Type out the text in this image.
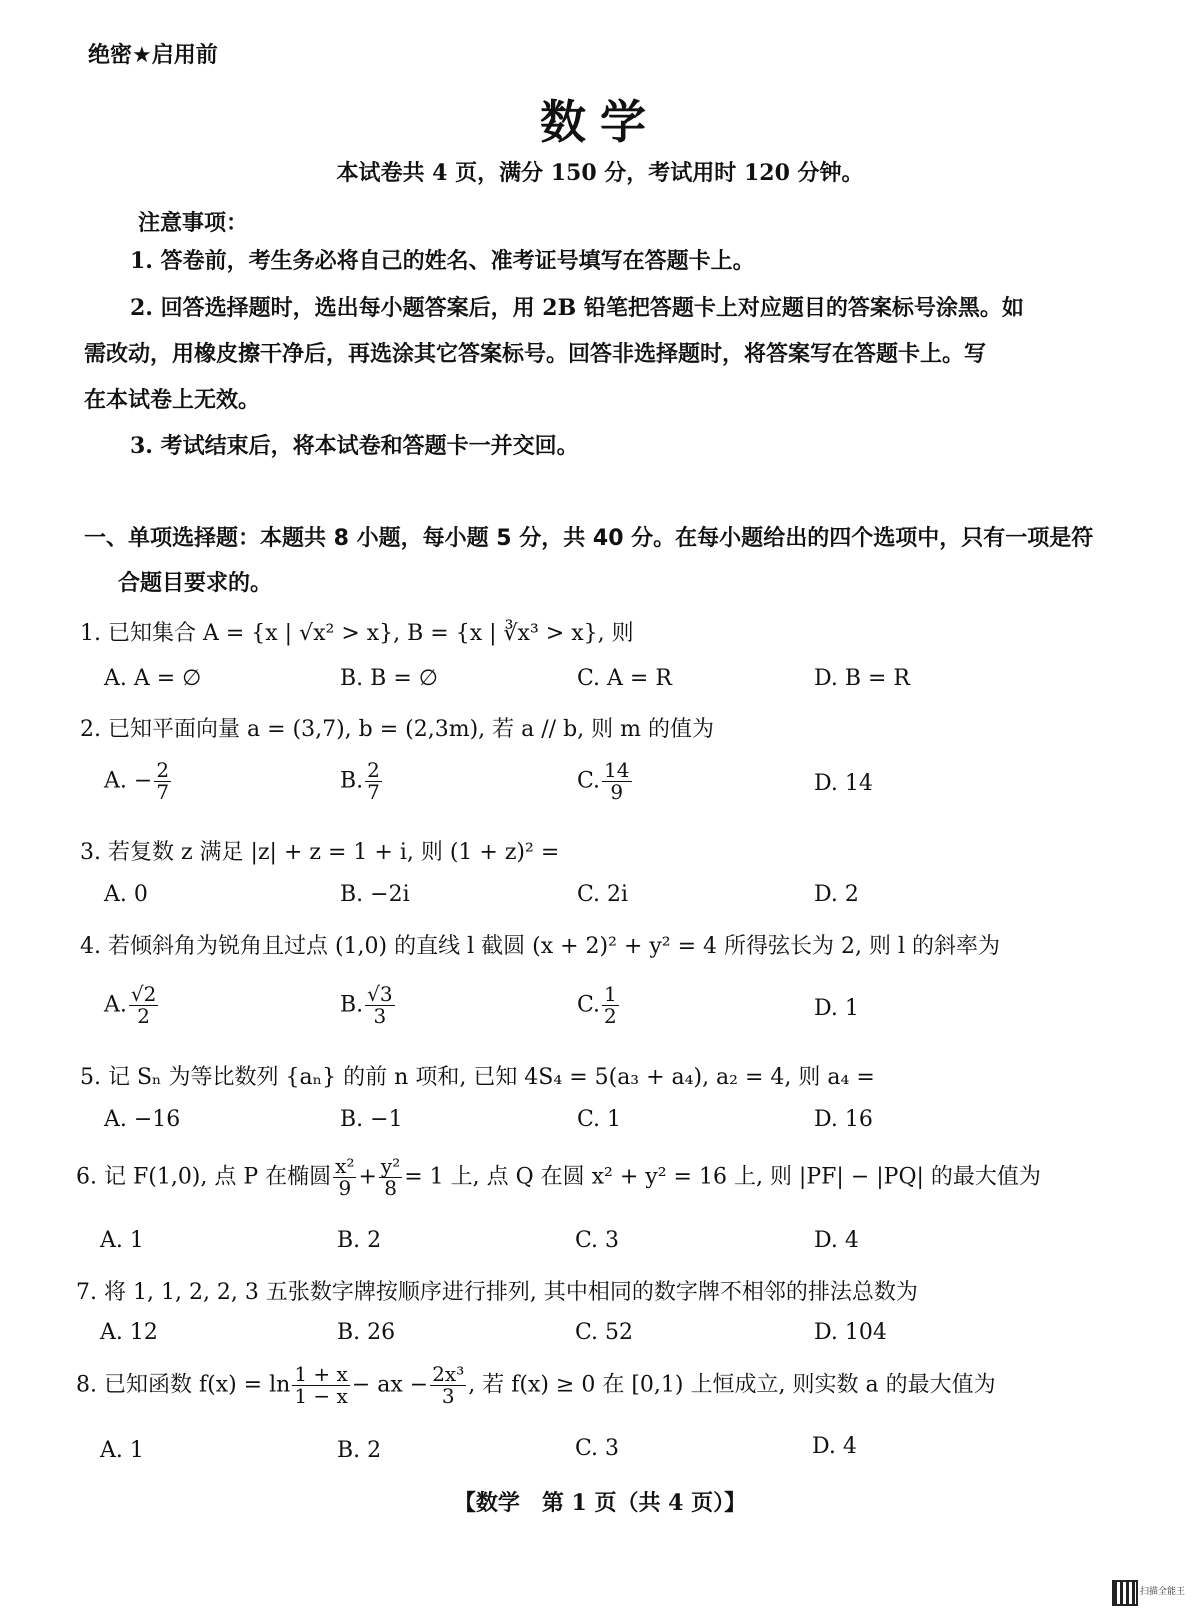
绝密★启用前
数学
本试卷共 4 页，满分 150 分，考试用时 120 分钟。
注意事项：
1. 答卷前，考生务必将自己的姓名、准考证号填写在答题卡上。
2. 回答选择题时，选出每小题答案后，用 2B 铅笔把答题卡上对应题目的答案标号涂黑。如
需改动，用橡皮擦干净后，再选涂其它答案标号。回答非选择题时，将答案写在答题卡上。写
在本试卷上无效。
3. 考试结束后，将本试卷和答题卡一并交回。
一、单项选择题：本题共 8 小题，每小题 5 分，共 40 分。在每小题给出的四个选项中，只有一项是符
合题目要求的。
1. 已知集合 A = {x | √x² > x}, B = {x | ∛x³ > x}, 则
A. A = ∅	B. B = ∅	C. A = R	D. B = R
2. 已知平面向量 a = (3,7), b = (2,3m), 若 a // b, 则 m 的值为
A. − $\frac{2}{7}$	B. $\frac{2}{7}$	C. $\frac{14}{9}$	D. 14
3. 若复数 z 满足 |z| + z = 1 + i, 则 (1 + z)² =
A. 0	B. −2i	C. 2i	D. 2
4. 若倾斜角为锐角且过点 (1,0) 的直线 l 截圆 (x + 2)² + y² = 4 所得弦长为 2, 则 l 的斜率为
A. $\frac{√2}{2}$	B. $\frac{√3}{3}$	C. $\frac{1}{2}$	D. 1
5. 记 Sₙ 为等比数列 {aₙ} 的前 n 项和, 已知 4S₄ = 5(a₃ + a₄), a₂ = 4, 则 a₄ =
A. −16	B. −1	C. 1	D. 16
6. 记 F(1,0), 点 P 在椭圆 $\frac{\text{x²}}{9} + \frac{\text{y²}}{8} = 1$ 上, 点 Q 在圆 x² + y² = 16 上, 则 |PF| − |PQ| 的最大值为
A. 1	B. 2	C. 3	D. 4
7. 将 1, 1, 2, 2, 3 五张数字牌按顺序进行排列, 其中相同的数字牌不相邻的排法总数为
A. 12	B. 26	C. 52	D. 104
8. 已知函数 $f(x) = \ln \frac{1 + x}{1 - x}$ − ax − $\frac{\text{2x³}}{3}$ , 若 f(x) ≥ 0 在 [0,1) 上恒成立, 则实数 a 的最大值为
A. 1	B. 2	C. 3	D. 4
【数学　第 1 页（共 4 页）】
扫描全能王
